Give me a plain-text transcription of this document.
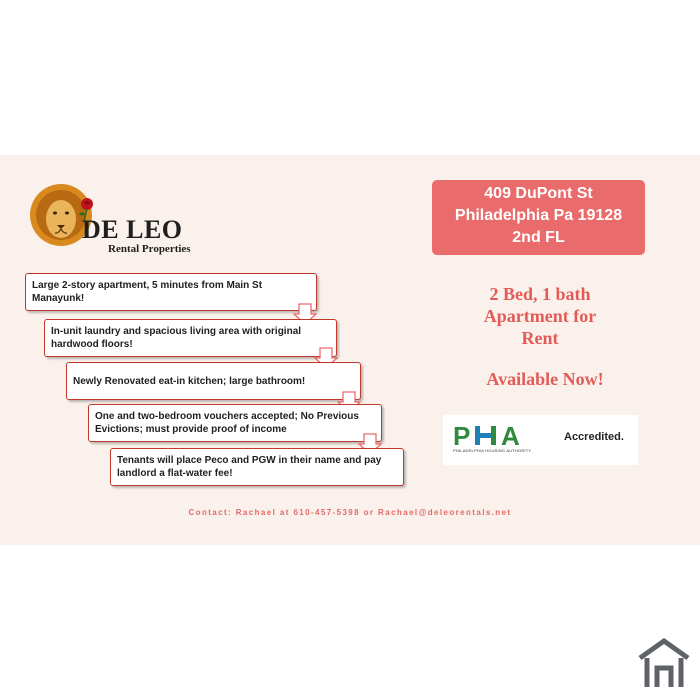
DE LEO
Rental Properties
Large 2-story apartment, 5 minutes from Main St Manayunk!
In-unit laundry and spacious living area with original hardwood floors!
Newly Renovated eat-in kitchen; large bathroom!
One and two-bedroom vouchers accepted; No Previous Evictions; must provide proof of income
Tenants will place Peco and PGW in their name and pay landlord a flat-water fee!
409 DuPont St
Philadelphia Pa 19128
2nd FL
2 Bed, 1 bath
Apartment for
Rent
Available Now!
P A
PHILADELPHIA HOUSING AUTHORITY
Accredited.
Contact: Rachael at 610-457-5398 or Rachael@deleorentals.net
